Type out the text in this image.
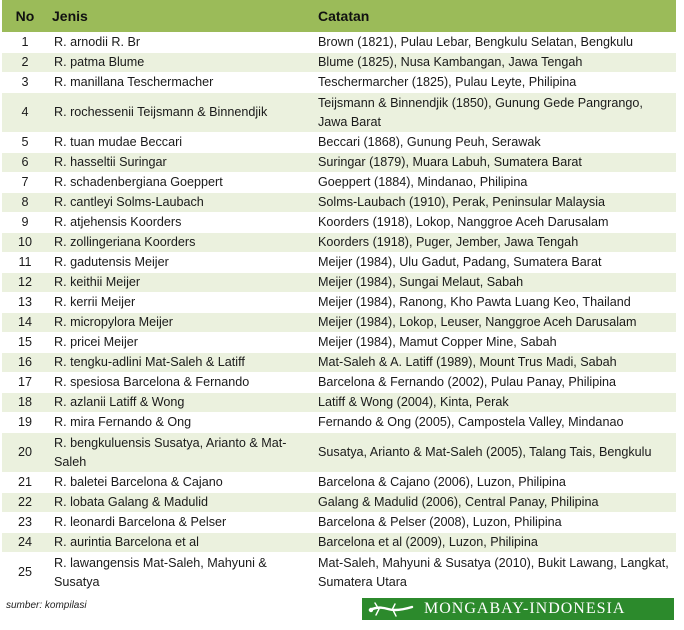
No	Jenis	Catatan
1	R. arnodii R. Br	Brown (1821), Pulau Lebar, Bengkulu Selatan, Bengkulu
2	R. patma Blume	Blume (1825), Nusa Kambangan, Jawa Tengah
3	R. manillana Teschermacher	Teschermarcher (1825), Pulau Leyte, Philipina
4	R. rochessenii Teijsmann & Binnendjik	Teijsmann & Binnendjik (1850), Gunung Gede Pangrango, Jawa Barat
5	R. tuan mudae Beccari	Beccari (1868), Gunung Peuh, Serawak
6	R. hasseltii Suringar	Suringar (1879), Muara Labuh, Sumatera Barat
7	R. schadenbergiana Goeppert	Goeppert (1884), Mindanao, Philipina
8	R. cantleyi Solms-Laubach	Solms-Laubach (1910), Perak, Peninsular Malaysia
9	R. atjehensis Koorders	Koorders (1918), Lokop, Nanggroe Aceh Darusalam
10	R. zollingeriana Koorders	Koorders (1918), Puger, Jember, Jawa Tengah
11	R. gadutensis Meijer	Meijer (1984), Ulu Gadut, Padang, Sumatera Barat
12	R. keithii Meijer	Meijer (1984), Sungai Melaut, Sabah
13	R. kerrii Meijer	Meijer (1984), Ranong, Kho Pawta Luang Keo, Thailand
14	R. micropylora Meijer	Meijer (1984), Lokop, Leuser, Nanggroe Aceh Darusalam
15	R. pricei Meijer	Meijer (1984), Mamut Copper Mine, Sabah
16	R. tengku-adlini Mat-Saleh & Latiff	Mat-Saleh & A. Latiff (1989), Mount Trus Madi, Sabah
17	R. spesiosa Barcelona & Fernando	Barcelona & Fernando (2002), Pulau Panay, Philipina
18	R. azlanii Latiff & Wong	Latiff & Wong (2004), Kinta, Perak
19	R. mira Fernando & Ong	Fernando & Ong (2005), Campostela Valley, Mindanao
20	R. bengkuluensis Susatya, Arianto & Mat-Saleh	Susatya, Arianto & Mat-Saleh (2005), Talang Tais, Bengkulu
21	R. baletei Barcelona & Cajano	Barcelona & Cajano (2006), Luzon, Philipina
22	R. lobata Galang & Madulid	Galang & Madulid (2006), Central Panay, Philipina
23	R. leonardi Barcelona & Pelser	Barcelona & Pelser (2008), Luzon, Philipina
24	R. aurintia Barcelona et al	Barcelona et al (2009), Luzon, Philipina
25	R. lawangensis Mat-Saleh, Mahyuni & Susatya	Mat-Saleh, Mahyuni & Susatya (2010), Bukit Lawang, Langkat, Sumatera Utara
sumber: kompilasi	MONGABAY-INDONESIA
